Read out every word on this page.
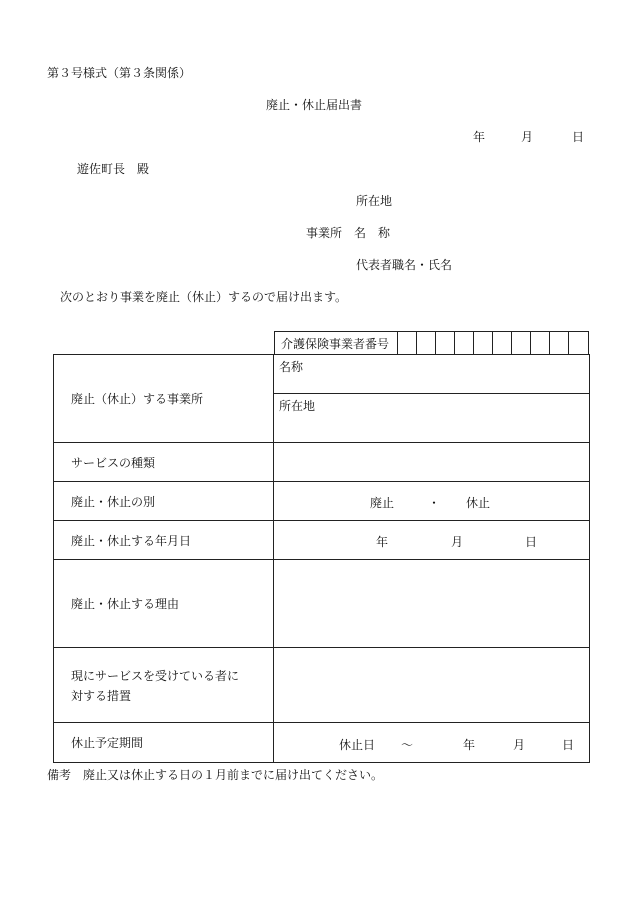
第３号様式（第３条関係）
廃止・休止届出書
年	月	日
遊佐町長　殿
所在地
事業所　名　称
代表者職名・氏名
次のとおり事業を廃止（休止）するので届け出ます。
介護保険事業者番号
廃止（休止）する事業所	名称
所在地

サービスの種類	
廃止・休止の別	廃止 ・ 休止

廃止・休止する年月日	年 月 日

廃止・休止する理由	

現にサービスを受けている者に
対する措置	

休止予定期間	休止日 ～ 年 月 日
備考　廃止又は休止する日の１月前までに届け出てください。
